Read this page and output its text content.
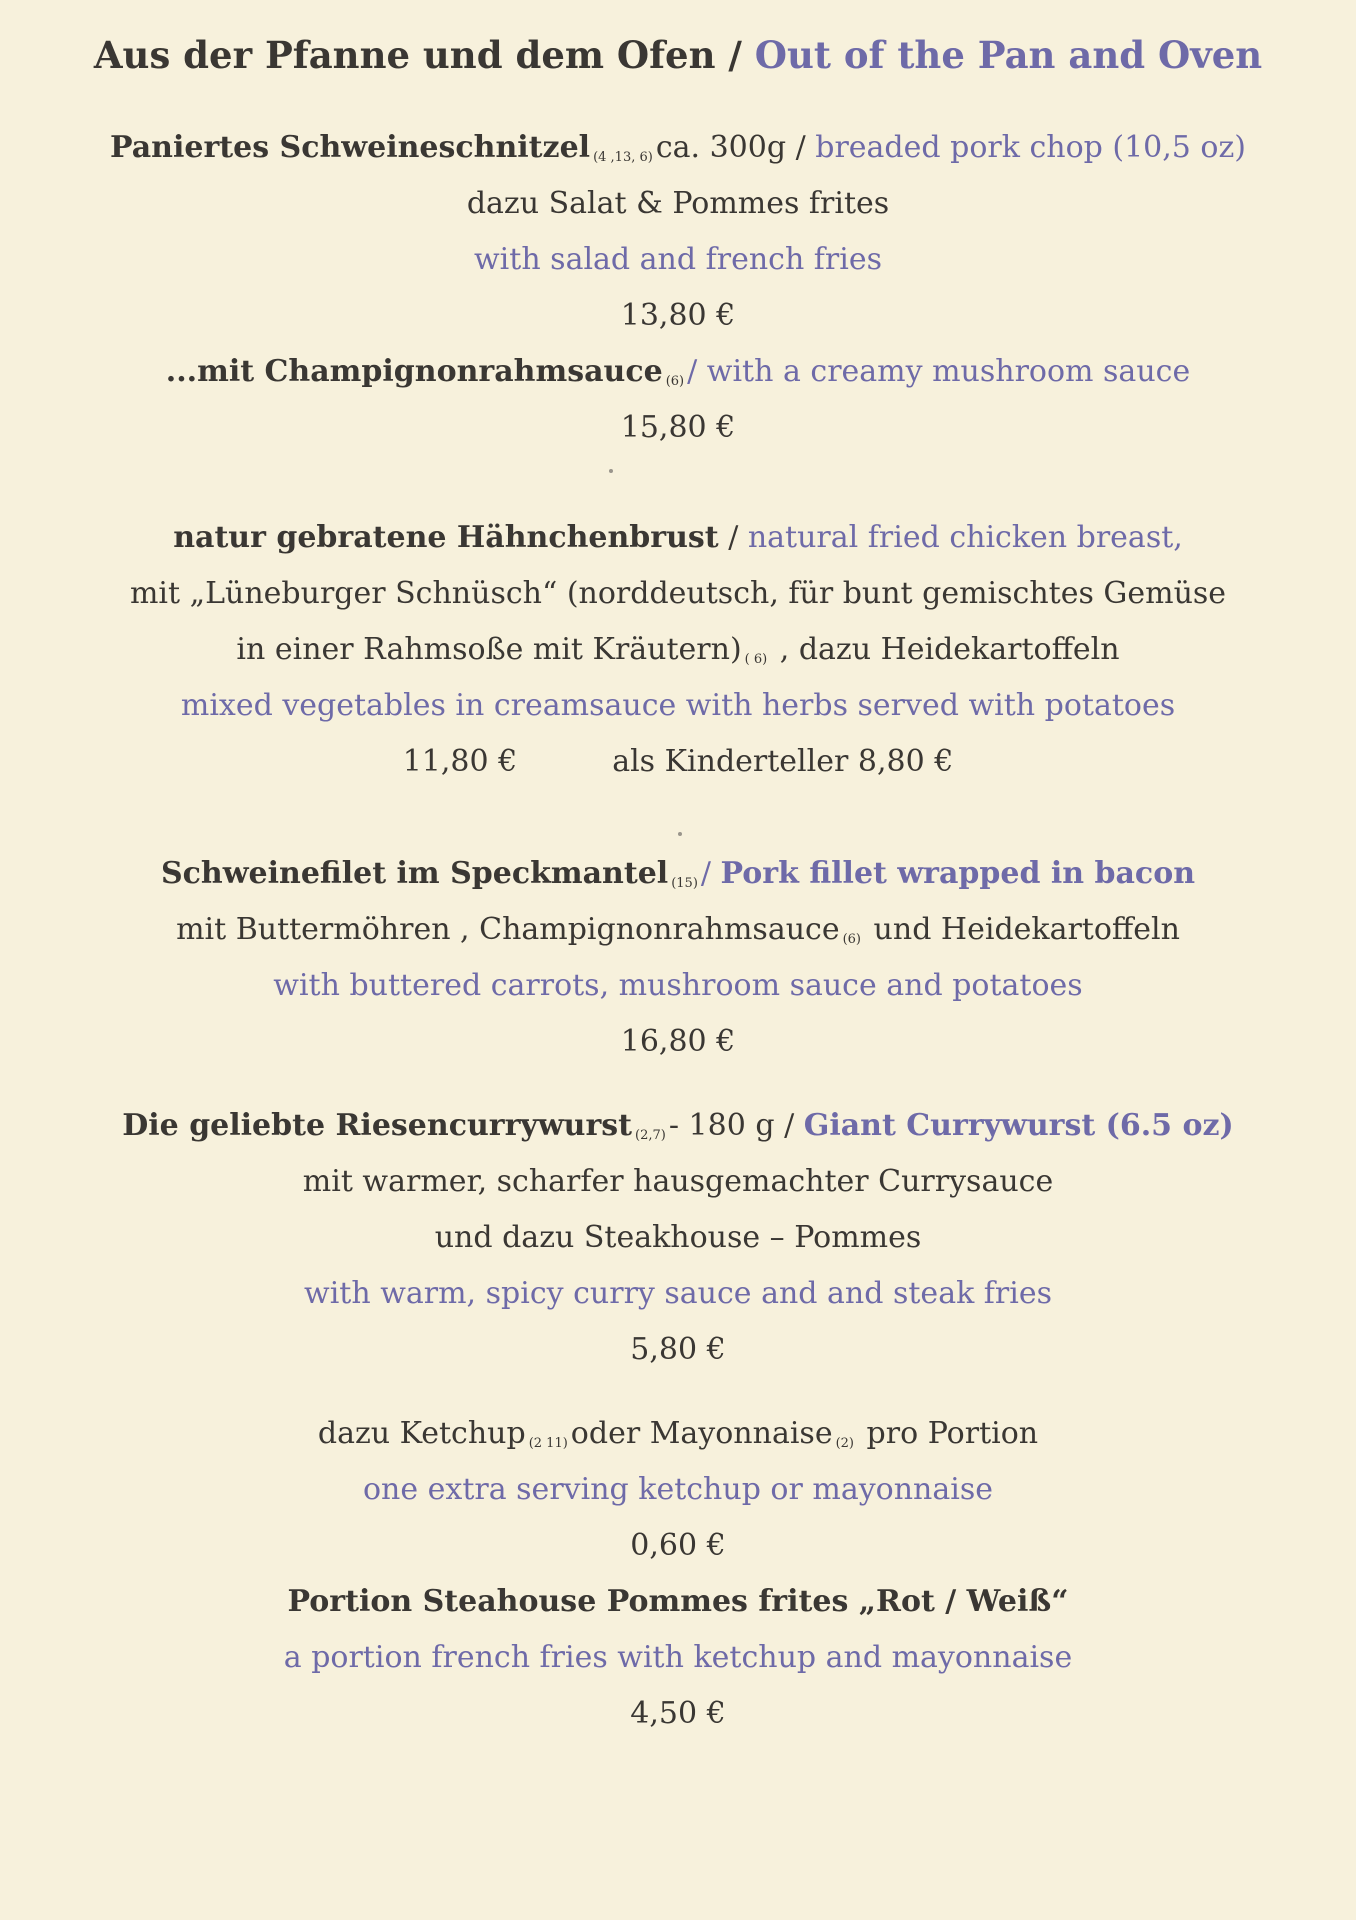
Aus der Pfanne und dem Ofen / Out of the Pan and Oven
Paniertes Schweineschnitzel $_{(4 ,13, 6)}$ ca. 300g / breaded pork chop (10,5 oz)
dazu Salat & Pommes frites
with salad and french fries
13,80 €
...mit Champignonrahmsauce $_{(6)}$ / with a creamy mushroom sauce
15,80 €
natur gebratene Hähnchenbrust / natural fried chicken breast,
mit „Lüneburger Schnüsch“ (norddeutsch, für bunt gemischtes Gemüse
in einer Rahmsoße mit Kräutern) $_{( 6)}$ , dazu Heidekartoffeln
mixed vegetables in creamsauce with herbs served with potatoes
11,80 €	als Kinderteller 8,80 €
Schweinefilet im Speckmantel $_{(15)}$ / Pork fillet wrapped in bacon
mit Buttermöhren , Champignonrahmsauce $_{(6)}$ und Heidekartoffeln
with buttered carrots, mushroom sauce and potatoes
16,80 €
Die geliebte Riesencurrywurst $_{(2,7)}$ - 180 g / Giant Currywurst (6.5 oz)
mit warmer, scharfer hausgemachter Currysauce
und dazu Steakhouse – Pommes
with warm, spicy curry sauce and and steak fries
5,80 €
dazu Ketchup $_{(2 11)}$ oder Mayonnaise $_{(2)}$ pro Portion
one extra serving ketchup or mayonnaise
0,60 €
Portion Steahouse Pommes frites „Rot / Weiß“
a portion french fries with ketchup and mayonnaise
4,50 €
